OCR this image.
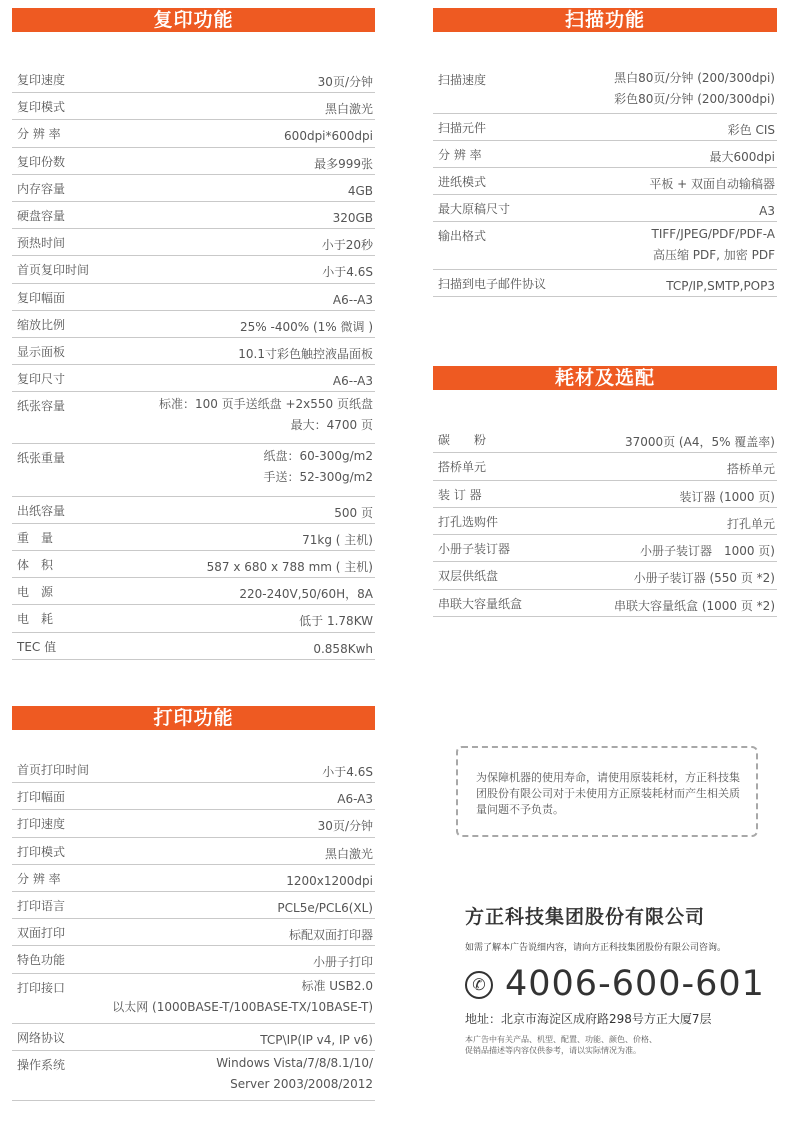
复印功能
复印速度	30页/分钟
复印模式	黑白激光
分 辨 率	600dpi*600dpi
复印份数	最多999张
内存容量	4GB
硬盘容量	320GB
预热时间	小于20秒
首页复印时间	小于4.6S
复印幅面	A6--A3
缩放比例	25% -400% (1% 微调 )
显示面板	10.1寸彩色触控液晶面板
复印尺寸	A6--A3
纸张容量	标准：100 页手送纸盘 +2x550 页纸盘
最大：4700 页
纸张重量	纸盘：60-300g/m2
手送：52-300g/m2
出纸容量	500 页
重　量	71kg ( 主机)
体　积	587 x 680 x 788 mm ( 主机)
电　源	220-240V,50/60H，8A
电　耗	低于 1.78KW
TEC 值	0.858Kwh
扫描功能
扫描速度	黑白80页/分钟 (200/300dpi)
彩色80页/分钟 (200/300dpi)
扫描元件	彩色 CIS
分 辨 率	最大600dpi
进纸模式	平板 + 双面自动输稿器
最大原稿尺寸	A3
输出格式	TIFF/JPEG/PDF/PDF-A
高压缩 PDF, 加密 PDF
扫描到电子邮件协议	TCP/IP,SMTP,POP3
耗材及选配
碳　　粉	37000页 (A4，5% 覆盖率)
搭桥单元	搭桥单元
装 订 器	装订器 (1000 页)
打孔选购件	打孔单元
小册子装订器	小册子装订器　1000 页)
双层供纸盘	小册子装订器 (550 页 *2)
串联大容量纸盒	串联大容量纸盒 (1000 页 *2)
打印功能
首页打印时间	小于4.6S
打印幅面	A6-A3
打印速度	30页/分钟
打印模式	黑白激光
分 辨 率	1200x1200dpi
打印语言	PCL5e/PCL6(XL)
双面打印	标配双面打印器
特色功能	小册子打印
打印接口	标准 USB2.0
以太网 (1000BASE-T/100BASE-TX/10BASE-T)
网络协议	TCP\IP(IP v4, IP v6)
操作系统	Windows Vista/7/8/8.1/10/
Server 2003/2008/2012
为保障机器的使用寿命，请使用原装耗材，方正科技集团股份有限公司对于未使用方正原装耗材而产生相关质量问题不予负责。
方正科技集团股份有限公司
如需了解本广告说细内容，请向方正科技集团股份有限公司咨询。
✆ 4006-600-601
地址：北京市海淀区成府路298号方正大厦7层
本广告中有关产品、机型、配置、功能、颜色、价格、
促销品描述等内容仅供参考，请以实际情况为准。
